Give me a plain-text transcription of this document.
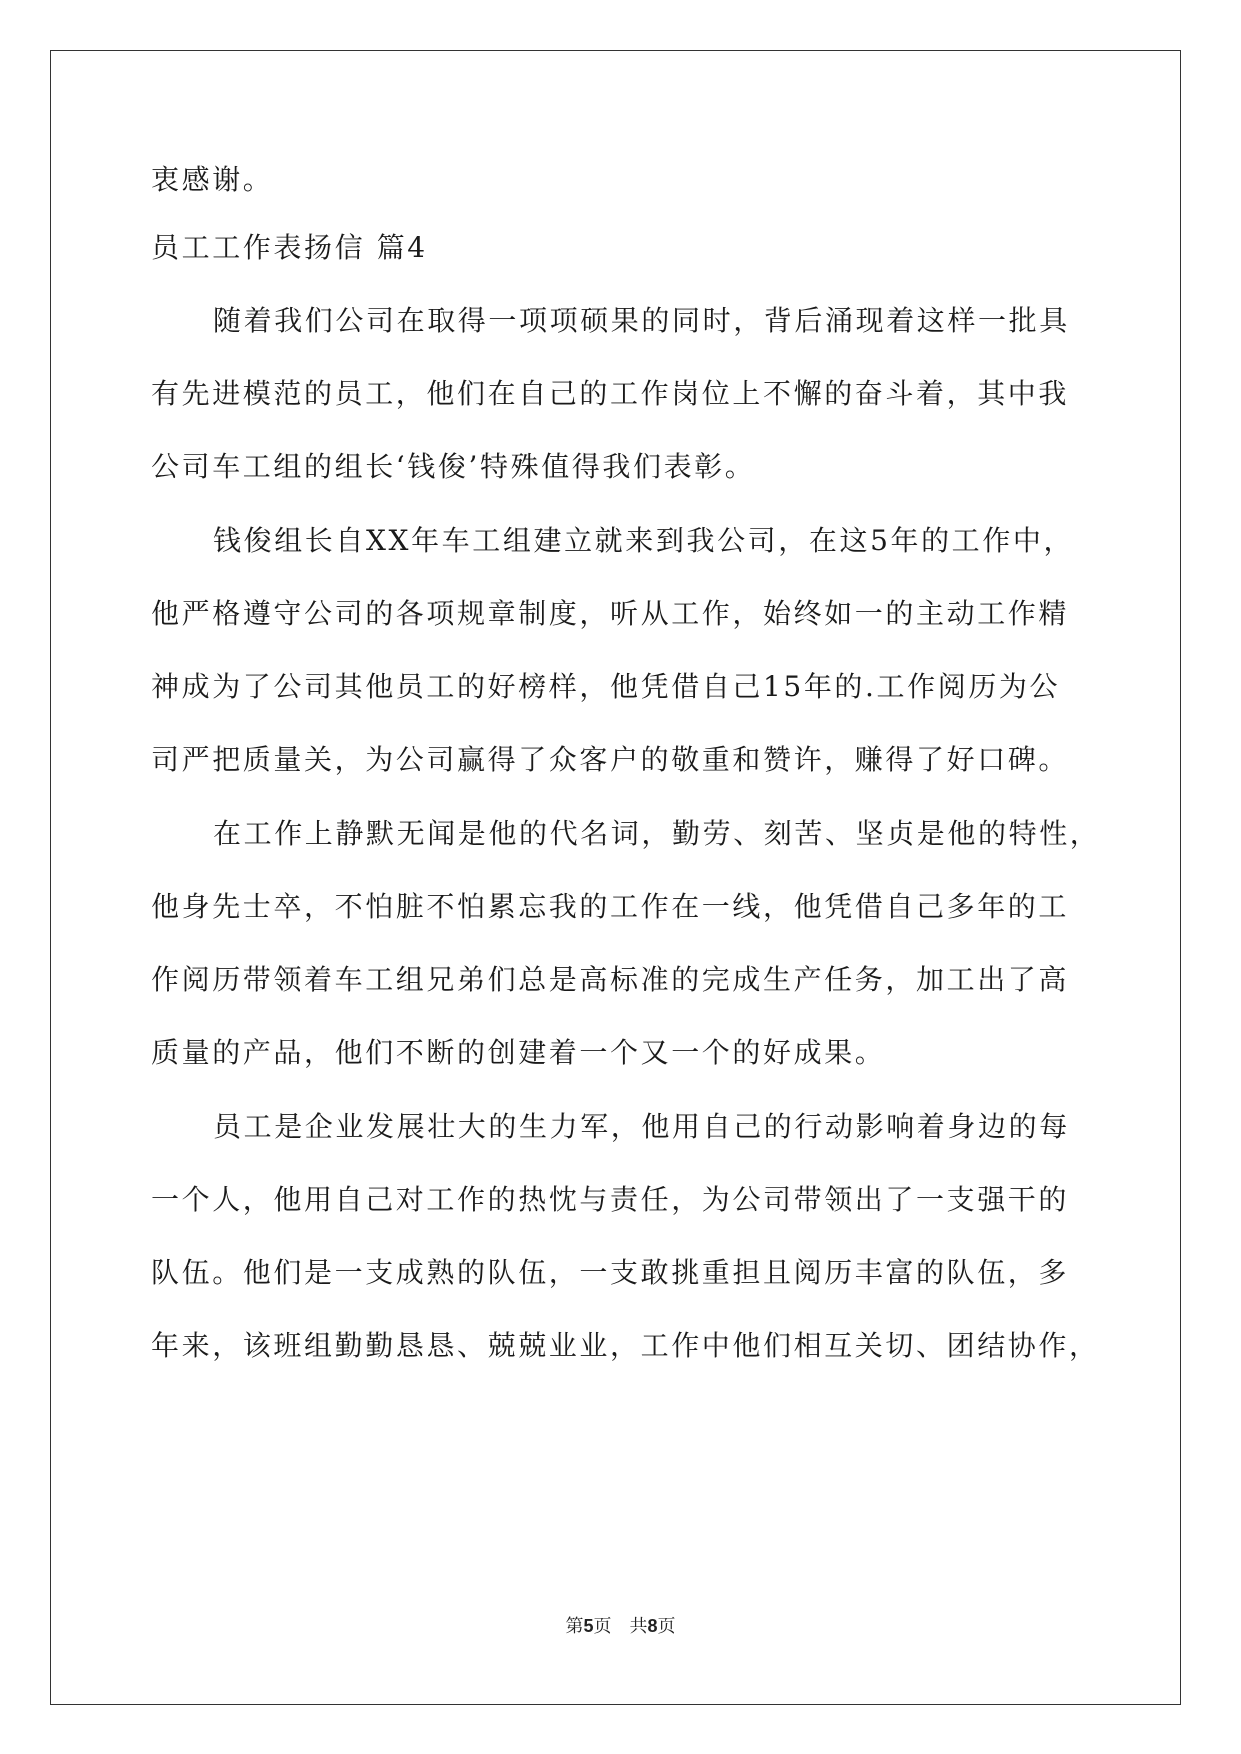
衷感谢。
员工工作表扬信 篇4
随着我们公司在取得一项项硕果的同时，背后涌现着这样一批具
有先进模范的员工，他们在自己的工作岗位上不懈的奋斗着，其中我
公司车工组的组长‘钱俊’特殊值得我们表彰。
钱俊组长自XX年车工组建立就来到我公司，在这5年的工作中，
他严格遵守公司的各项规章制度，听从工作，始终如一的主动工作精
神成为了公司其他员工的好榜样，他凭借自己15年的.工作阅历为公
司严把质量关，为公司赢得了众客户的敬重和赞许，赚得了好口碑。
在工作上静默无闻是他的代名词，勤劳、刻苦、坚贞是他的特性，
他身先士卒，不怕脏不怕累忘我的工作在一线，他凭借自己多年的工
作阅历带领着车工组兄弟们总是高标准的完成生产任务，加工出了高
质量的产品，他们不断的创建着一个又一个的好成果。
员工是企业发展壮大的生力军，他用自己的行动影响着身边的每
一个人，他用自己对工作的热忱与责任，为公司带领出了一支强干的
队伍。他们是一支成熟的队伍，一支敢挑重担且阅历丰富的队伍，多
年来，该班组勤勤恳恳、兢兢业业，工作中他们相互关切、团结协作，
第5页　共8页
